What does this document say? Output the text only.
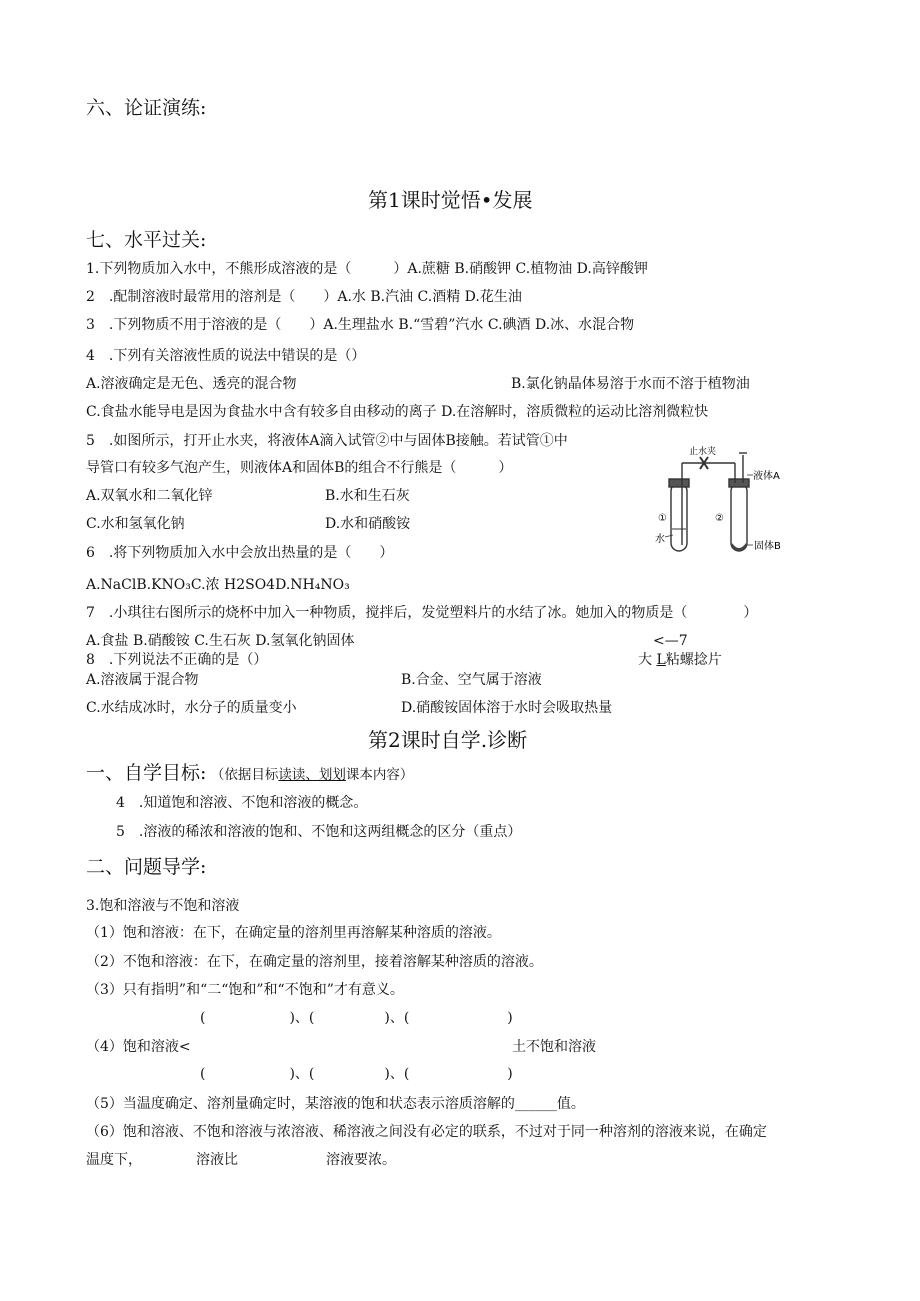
六、论证演练:
第1课时觉悟•发展
七、水平过关:
1.下列物质加入水中，不熊形成溶液的是（　　　）A.蔗糖 B.硝酸钾 C.植物油 D.高锌酸钾
2　.配制溶液时最常用的溶剂是（　　）A.水 B.汽油 C.酒精 D.花生油
3　.下列物质不用于溶液的是（　　）A.生理盐水 B.“雪碧”汽水 C.碘酒 D.冰、水混合物
4　.下列有关溶液性质的说法中错误的是（）
A.溶液确定是无色、透亮的混合物	B.氯化钠晶体易溶于水而不溶于植物油
C.食盐水能导电是因为食盐水中含有较多自由移动的离子 D.在溶解时，溶质微粒的运动比溶剂微粒快
5　.如图所示，打开止水夹，将液体A滴入试管②中与固体B接触。若试管①中
导管口有较多气泡产生，则液体A和固体B的组合不行熊是（　　　）
A.双氧水和二氧化锌	B.水和生石灰
C.水和氢氧化钠	D.水和硝酸铵
止水夹
液体A
①	②
水
固体B
6　.将下列物质加入水中会放出热量的是（　　）
A.NaClB.KNO₃C.浓 H2SO4D.NH₄NO₃
7　.小琪往右图所示的烧杯中加入一种物质，搅拌后，发觉塑料片的水结了冰。她加入的物质是（　　　　）
A.食盐 B.硝酸铵 C.生石灰 D.氢氧化钠固体	<—7
8　.下列说法不正确的是（）	大 L粘螺捻片
A.溶液属于混合物	B.合金、空气属于溶液
C.水结成冰时，水分子的质量变小	D.硝酸铵固体溶于水时会吸取热量
第2课时自学.诊断
一、自学目标: （依据目标读读、划划课本内容）
4　.知道饱和溶液、不饱和溶液的概念。
5　.溶液的稀浓和溶液的饱和、不饱和这两组概念的区分（重点）
二、问题导学:
3.饱和溶液与不饱和溶液
（1）饱和溶液：在下，在确定量的溶剂里再溶解某种溶质的溶液。
（2）不饱和溶液：在下，在确定量的溶剂里，接着溶解某种溶质的溶液。
（3）只有指明”和“二“饱和”和“不饱和”才有意义。
(　　　　　　)、(　　　　　)、(　　　　　　　)
（4）饱和溶液<	土不饱和溶液
(　　　　　　)、(　　　　　)、(　　　　　　　)
（5）当温度确定、溶剂量确定时，某溶液的饱和状态表示溶质溶解的______值。
（6）饱和溶液、不饱和溶液与浓溶液、稀溶液之间没有必定的联系，不过对于同一种溶剂的溶液来说，在确定
温度下，	溶液比	溶液要浓。
